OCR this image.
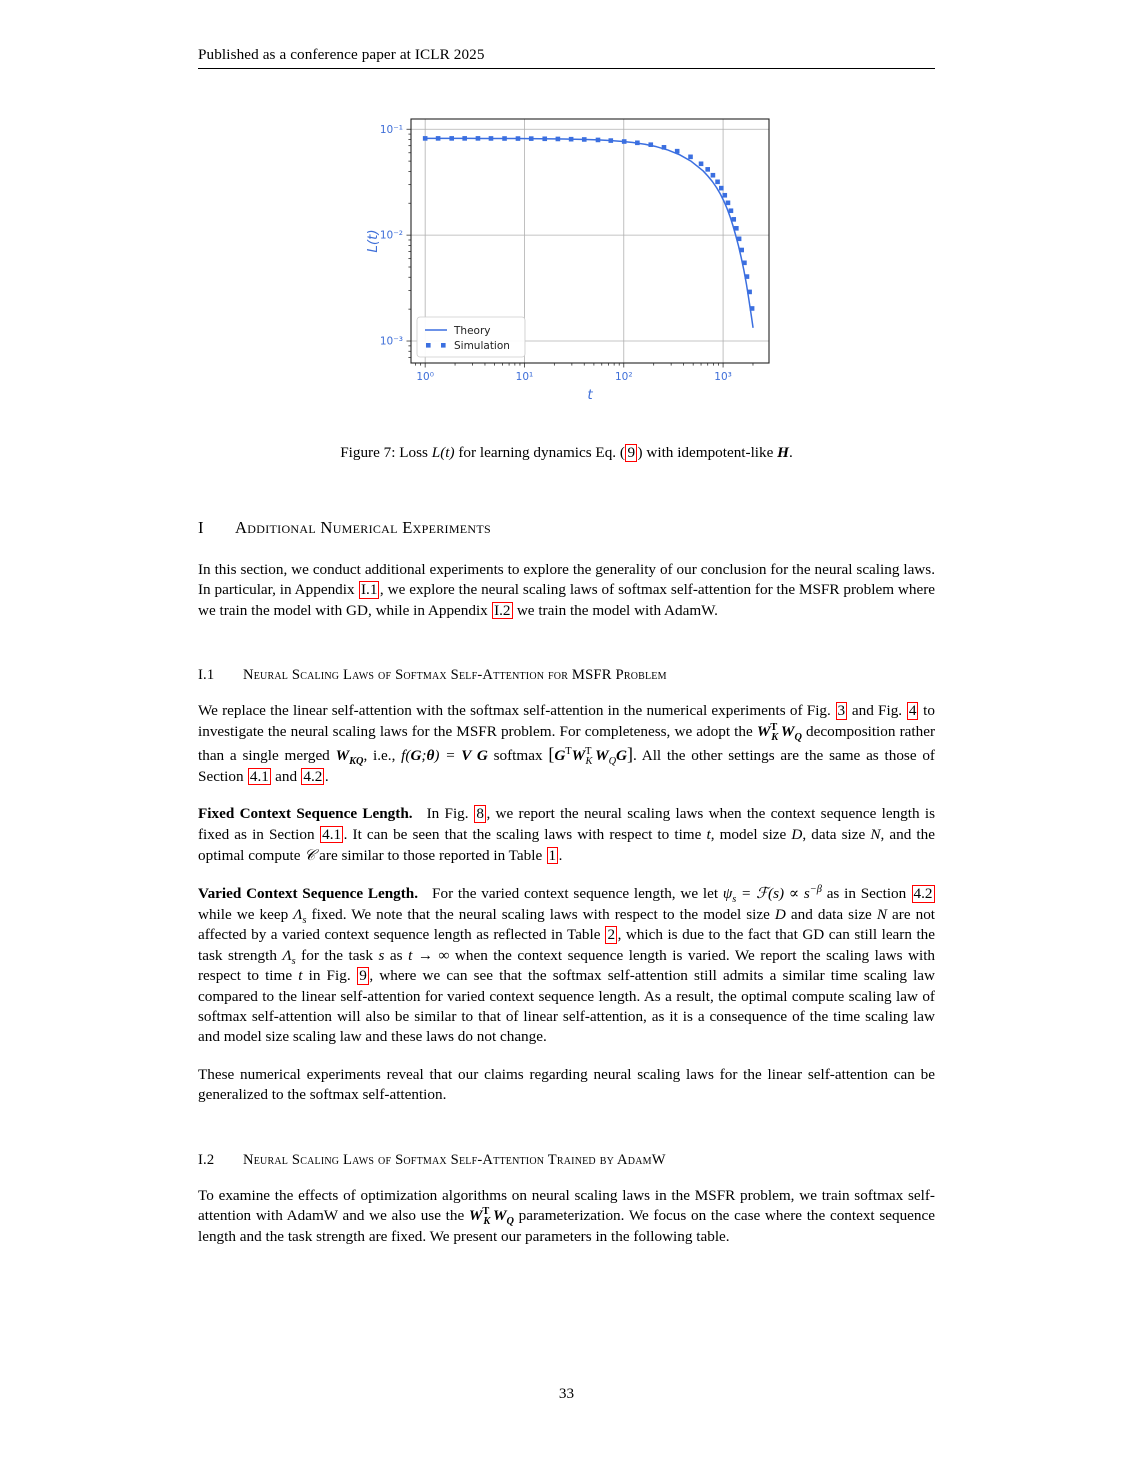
Published as a conference paper at ICLR 2025
10⁰	10¹	10²	10³
10⁻¹
10⁻²
10⁻³
t
L(t)
Theory
Simulation
Figure 7: Loss L(t) for learning dynamics Eq. ( 9 ) with idempotent-like H.
I Additional Numerical Experiments

In this section, we conduct additional experiments to explore the generality of our conclusion for the neural scaling laws. In particular, in Appendix I.1 , we explore the neural scaling laws of softmax self-attention for the MSFR problem where we train the model with GD, while in Appendix I.2 we train the model with AdamW.

I.1 Neural Scaling Laws of Softmax Self-Attention for MSFR Problem

We replace the linear self-attention with the softmax self-attention in the numerical experiments of Fig. 3 and Fig. 4 to investigate the neural scaling laws for the MSFR problem. For completeness, we adopt the $W^T_K$ $W_Q$ decomposition rather than a single merged $W_{KQ}$, i.e., f(G;θ) = V G softmax [$G^TW^T_K$ $W_QG$]. All the other settings are the same as those of Section 4.1 and 4.2 .

Fixed Context Sequence Length. In Fig. 8 , we report the neural scaling laws when the context sequence length is fixed as in Section 4.1 . It can be seen that the scaling laws with respect to time t, model size D, data size N, and the optimal compute 𝒞 are similar to those reported in Table 1 .

Varied Context Sequence Length. For the varied context sequence length, we let $\psi_s$ = ℱ(s) ∝ $s^{-\beta}$ as in Section 4.2 while we keep $\Lambda_s$ fixed. We note that the neural scaling laws with respect to the model size D and data size N are not affected by a varied context sequence length as reflected in Table 2 , which is due to the fact that GD can still learn the task strength $\Lambda_s$ for the task s as t → ∞ when the context sequence length is varied. We report the scaling laws with respect to time t in Fig. 9 , where we can see that the softmax self-attention still admits a similar time scaling law compared to the linear self-attention for varied context sequence length. As a result, the optimal compute scaling law of softmax self-attention will also be similar to that of linear self-attention, as it is a consequence of the time scaling law and model size scaling law and these laws do not change.

These numerical experiments reveal that our claims regarding neural scaling laws for the linear self-attention can be generalized to the softmax self-attention.

I.2 Neural Scaling Laws of Softmax Self-Attention Trained by AdamW

To examine the effects of optimization algorithms on neural scaling laws in the MSFR problem, we train softmax self-attention with AdamW and we also use the $W^T_K$ $W_Q$ parameterization. We focus on the case where the context sequence length and the task strength are fixed. We present our parameters in the following table.

33
